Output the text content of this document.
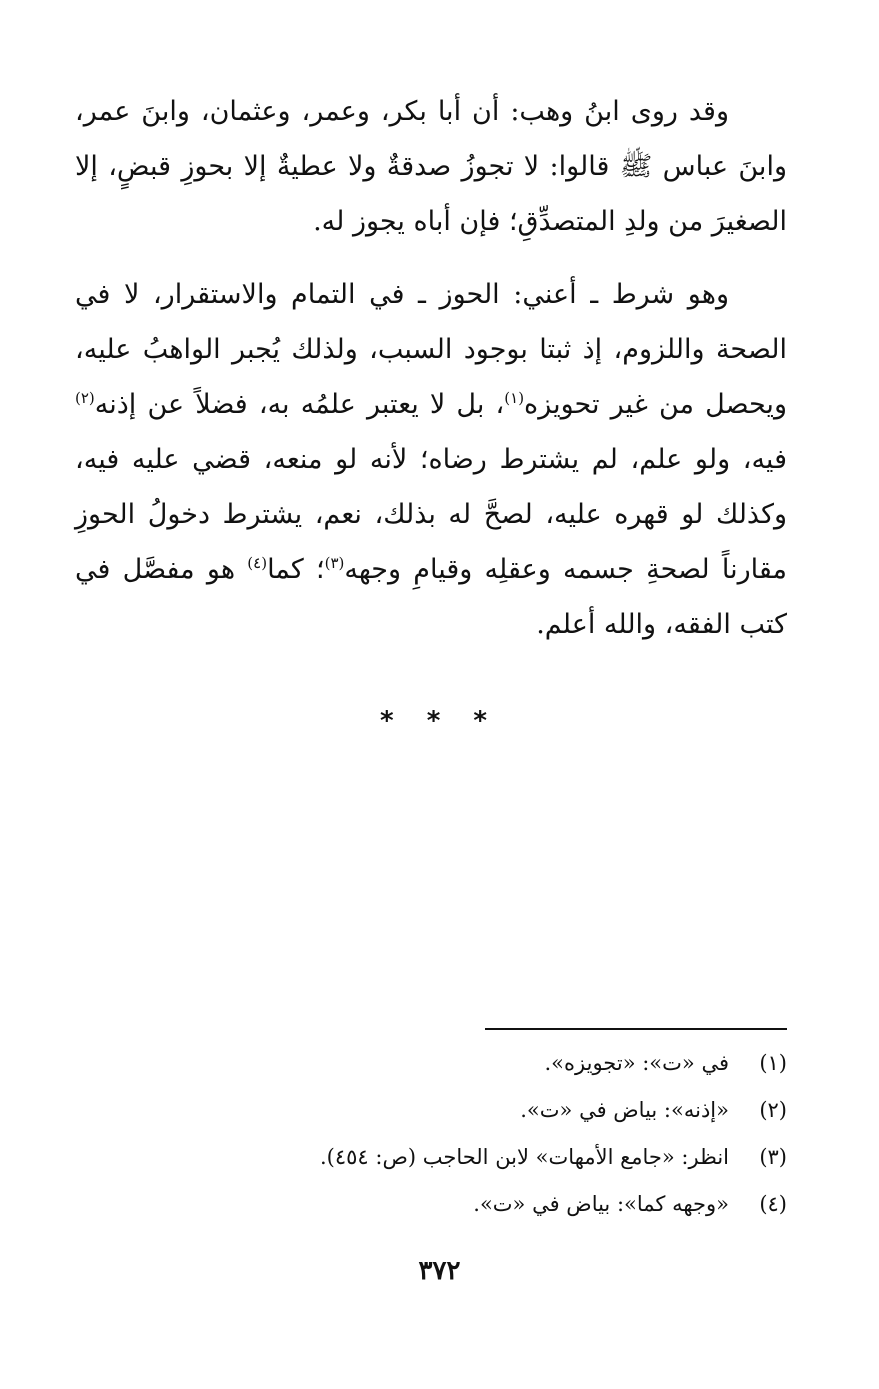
وقد روى ابنُ وهب: أن أبا بكر، وعمر، وعثمان، وابنَ عمر، وابنَ عباس ﷺ قالوا: لا تجوزُ صدقةٌ ولا عطيةٌ إلا بحوزِ قبضٍ، إلا الصغيرَ من ولدِ المتصدِّقِ؛ فإن أباه يجوز له.

وهو شرط ـ أعني: الحوز ـ في التمام والاستقرار، لا في الصحة واللزوم، إذ ثبتا بوجود السبب، ولذلك يُجبر الواهبُ عليه، ويحصل من غير تحويزه$^{(١)}$، بل لا يعتبر علمُه به، فضلاً عن إذنه$^{(٢)}$ فيه، ولو علم، لم يشترط رضاه؛ لأنه لو منعه، قضي عليه فيه، وكذلك لو قهره عليه، لصحَّ له بذلك، نعم، يشترط دخولُ الحوزِ مقارناً لصحةِ جسمه وعقلِه وقيامِ وجهه$^{(٣)}$؛ كما$^{(٤)}$ هو مفصَّل في كتب الفقه، والله أعلم.

* * *
(١)
في «ت»: «تجويزه».
(٢)
«إذنه»: بياض في «ت».
(٣)
انظر: «جامع الأمهات» لابن الحاجب (ص: ٤٥٤).
(٤)
«وجهه كما»: بياض في «ت».
٣٧٢
